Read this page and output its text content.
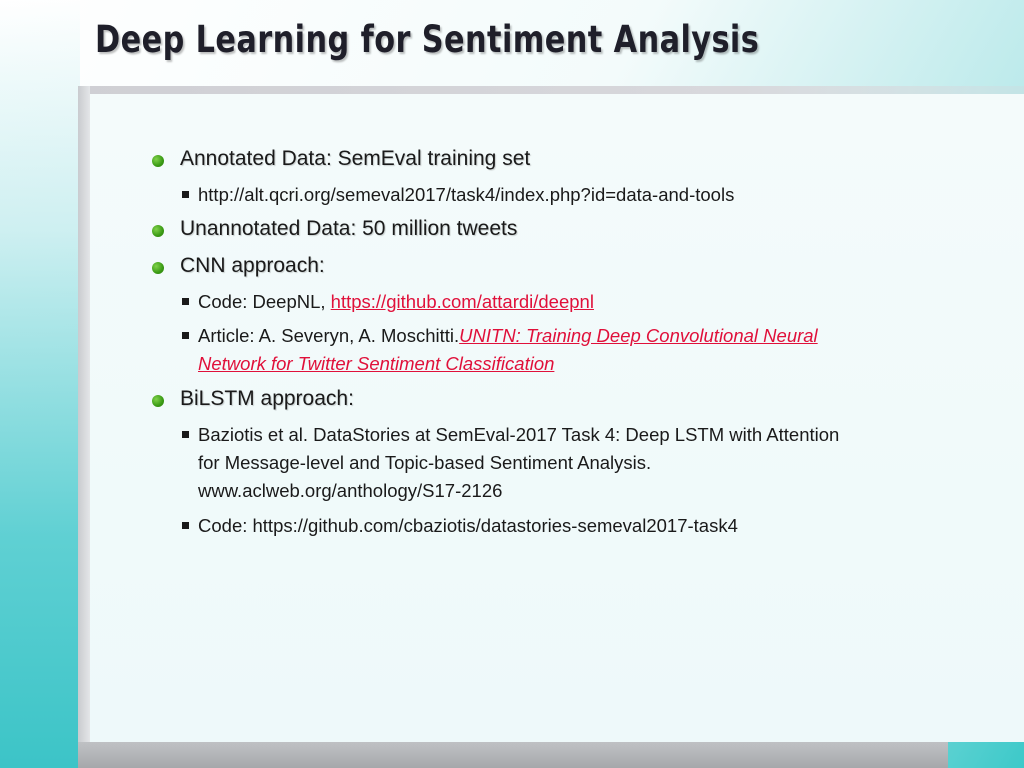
Deep Learning for Sentiment Analysis
Annotated Data: SemEval training set
http://alt.qcri.org/semeval2017/task4/index.php?id=data-and-tools
Unannotated Data: 50 million tweets
CNN approach:
Code: DeepNL, https://github.com/attardi/deepnl
Article: A. Severyn, A. Moschitti.UNITN: Training Deep Convolutional Neural
Network for Twitter Sentiment Classification
BiLSTM approach:
Baziotis et al. DataStories at SemEval-2017 Task 4: Deep LSTM with Attention
for Message-level and Topic-based Sentiment Analysis.
www.aclweb.org/anthology/S17-2126
Code: https://github.com/cbaziotis/datastories-semeval2017-task4
